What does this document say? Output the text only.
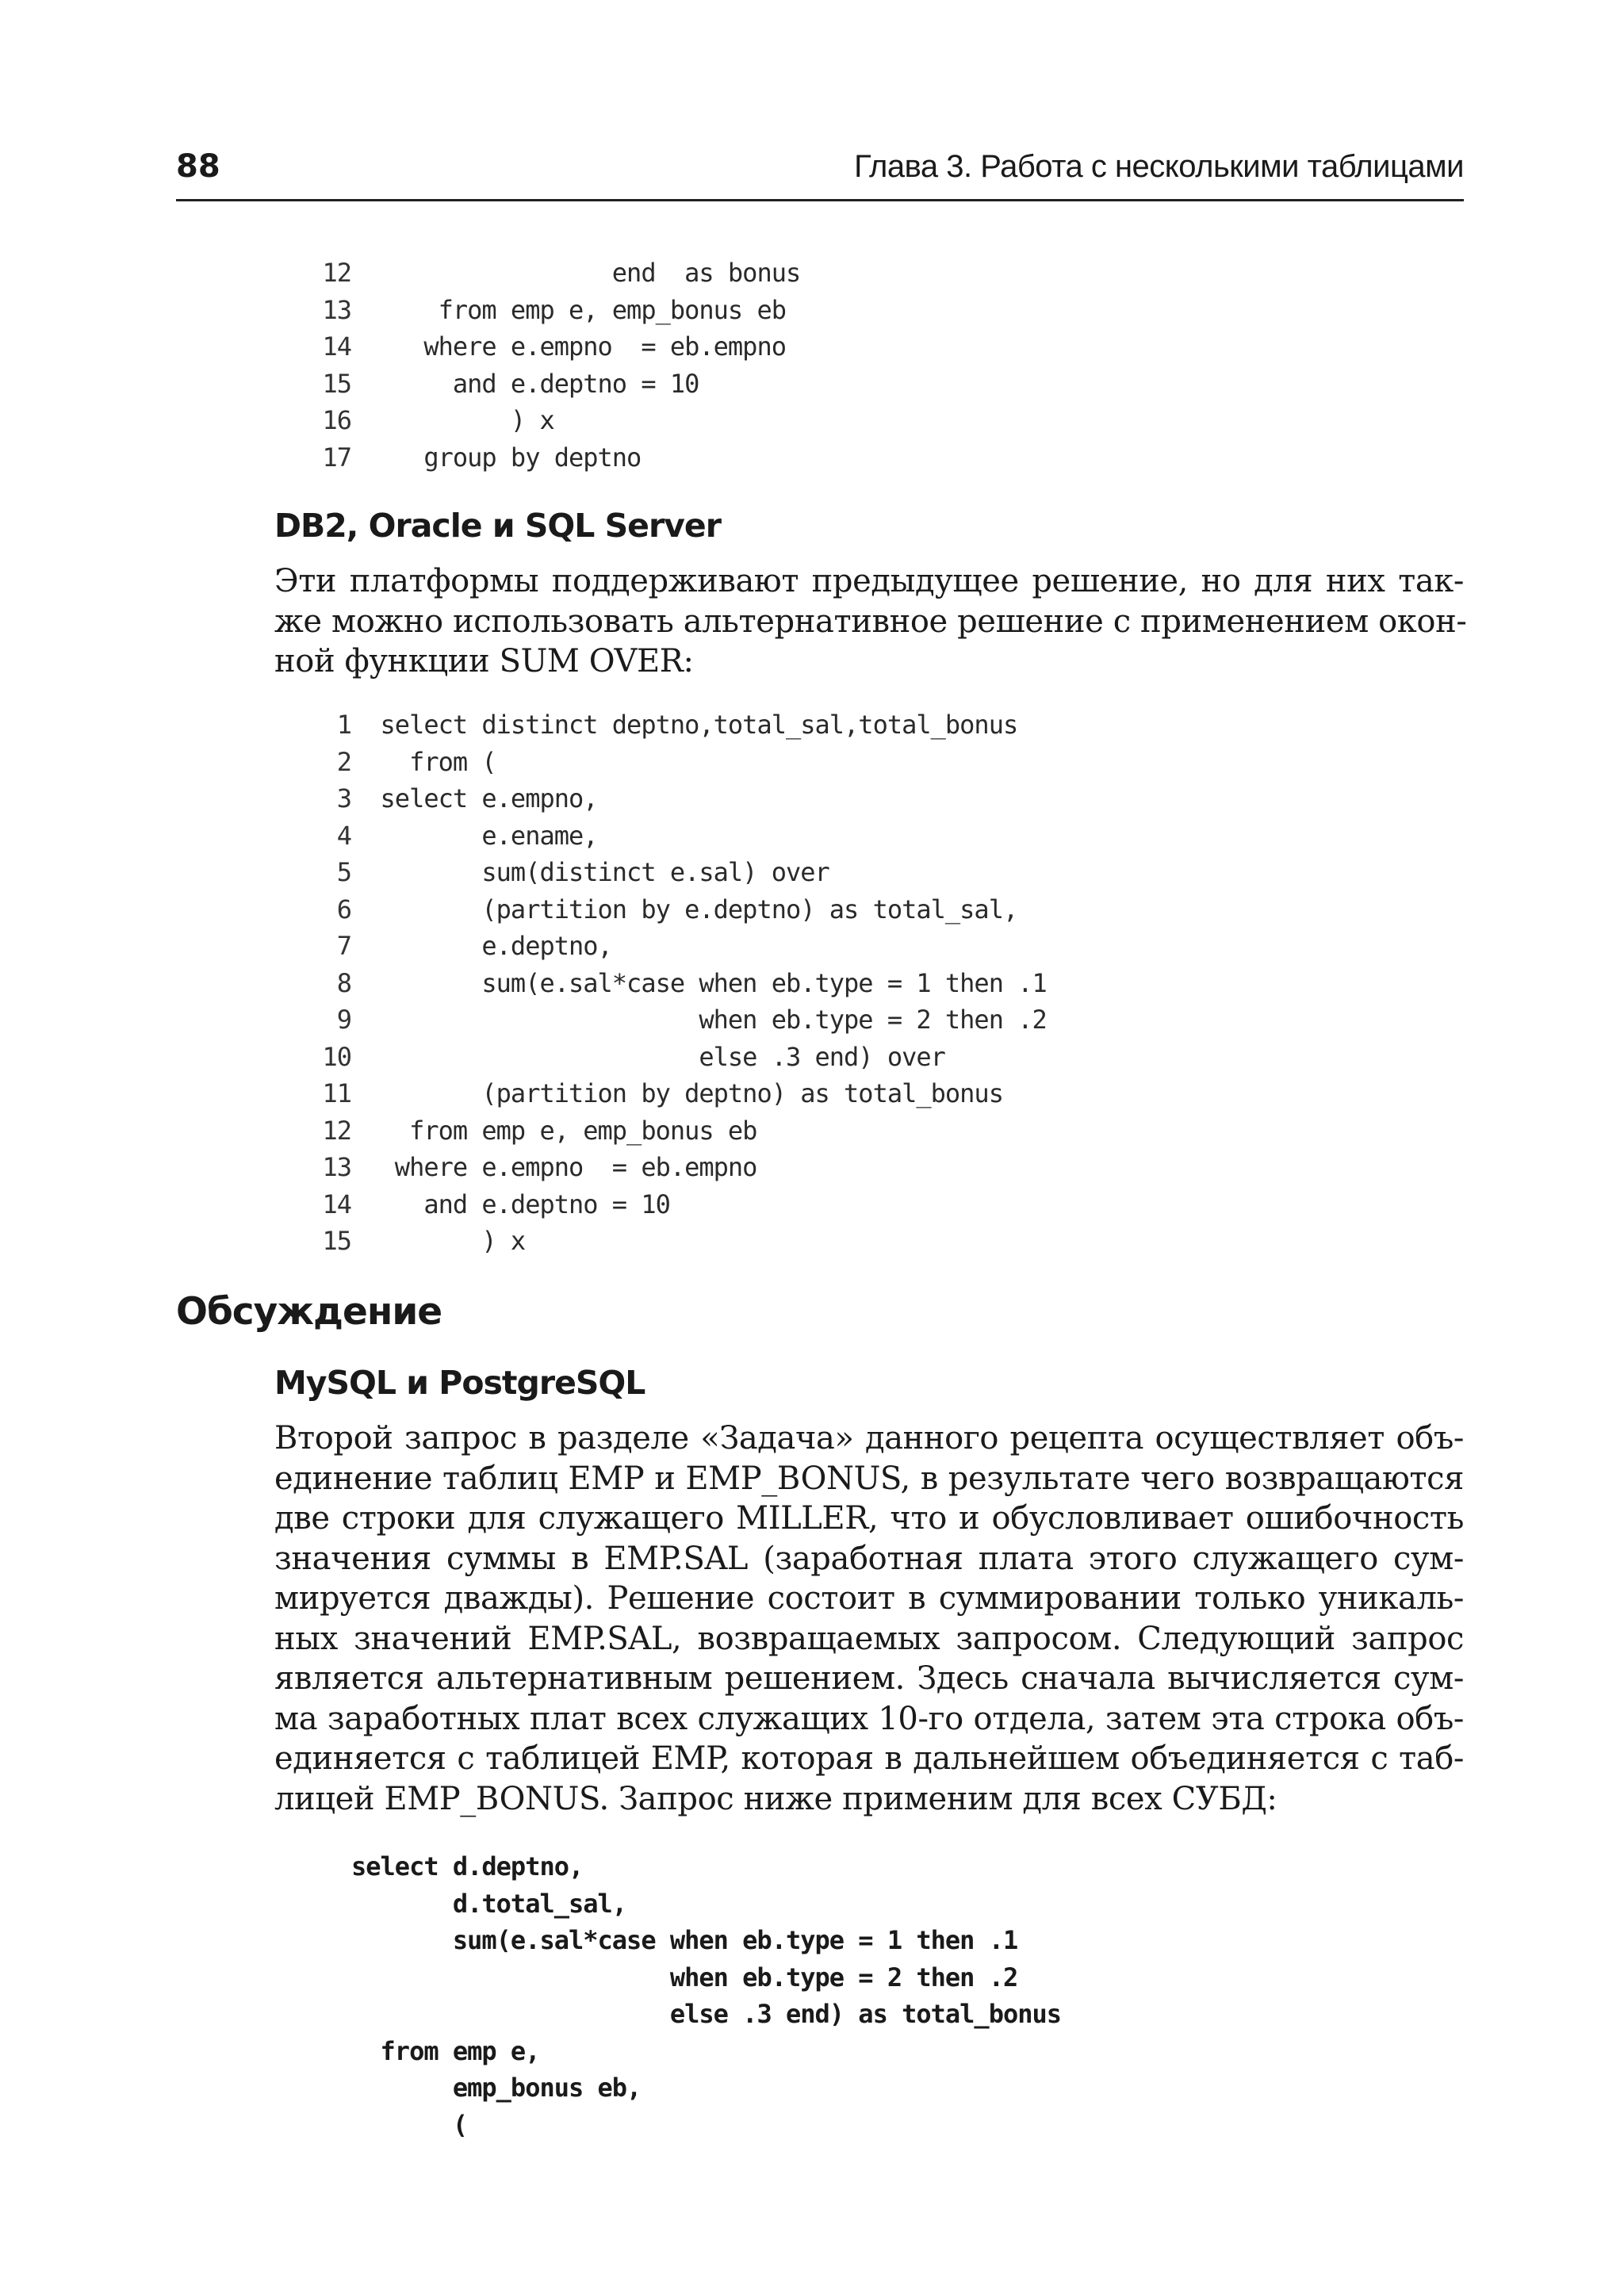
88	Глава 3. Работа с несколькими таблицами
12                  end  as bonus
13      from emp e, emp_bonus eb
14     where e.empno  = eb.empno
15       and e.deptno = 10
16           ) x
17     group by deptno
DB2, Oracle и SQL Server
Эти платформы поддерживают предыдущее решение, но для них так-
же можно использовать альтернативное решение с применением окон-
ной функции SUM OVER:
1 select distinct deptno,total_sal,total_bonus
2    from (
3 select e.empno,
4         e.ename,
5         sum(distinct e.sal) over
6         (partition by e.deptno) as total_sal,
7         e.deptno,
8         sum(e.sal*case when eb.type = 1 then .1
9                        when eb.type = 2 then .2
10                        else .3 end) over
11         (partition by deptno) as total_bonus
12    from emp e, emp_bonus eb
13   where e.empno  = eb.empno
14     and e.deptno = 10
15         ) x
Обсуждение
MySQL и PostgreSQL
Второй запрос в разделе «Задача» данного рецепта осуществляет объ-
единение таблиц EMP и EMP_BONUS, в результате чего возвращаются
две строки для служащего MILLER, что и обусловливает ошибочность
значения суммы в EMP.SAL (заработная плата этого служащего сум-
мируется дважды). Решение состоит в суммировании только уникаль-
ных значений EMP.SAL, возвращаемых запросом. Следующий запрос
является альтернативным решением. Здесь сначала вычисляется сум-
ма заработных плат всех служащих 10-го отдела, затем эта строка объ-
единяется с таблицей EMP, которая в дальнейшем объединяется с таб-
лицей EMP_BONUS. Запрос ниже применим для всех СУБД:
select d.deptno,
d.total_sal,
sum(e.sal*case when eb.type = 1 then .1
when eb.type = 2 then .2
else .3 end) as total_bonus
from emp e,
emp_bonus eb,
(
